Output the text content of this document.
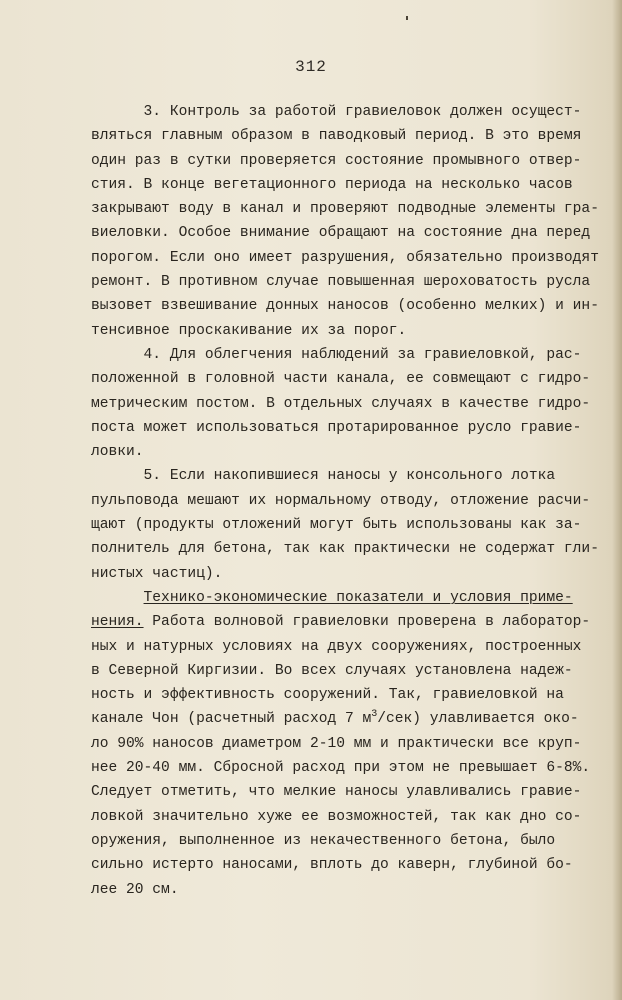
312
3. Контроль за работой гравиеловок должен осущест-
вляться главным образом в паводковый период. В это время
один раз в сутки проверяется состояние промывного отвер-
стия. В конце вегетационного периода на несколько часов
закрывают воду в канал и проверяют подводные элементы гра-
виеловки. Особое внимание обращают на состояние дна перед
порогом. Если оно имеет разрушения, обязательно производят
ремонт. В противном случае повышенная шероховатость русла
вызовет взвешивание донных наносов (особенно мелких) и ин-
тенсивное проскакивание их за порог.
4. Для облегчения наблюдений за гравиеловкой, рас-
положенной в головной части канала, ее совмещают с гидро-
метрическим постом. В отдельных случаях в качестве гидро-
поста может использоваться протарированное русло гравие-
ловки.
5. Если накопившиеся наносы у консольного лотка
пульповода мешают их нормальному отводу, отложение расчи-
щают (продукты отложений могут быть использованы как за-
полнитель для бетона, так как практически не содержат гли-
нистых частиц).
Технико-экономические показатели и условия приме-
нения. Работа волновой гравиеловки проверена в лаборатор-
ных и натурных условиях на двух сооружениях, построенных
в Северной Киргизии. Во всех случаях установлена надеж-
ность и эффективность сооружений. Так, гравиеловкой на
канале Чон (расчетный расход 7 $м^3/сек$) улавливается око-
ло 90% наносов диаметром 2-10 мм и практически все круп-
нее 20-40 мм. Сбросной расход при этом не превышает 6-8%.
Следует отметить, что мелкие наносы улавливались гравие-
ловкой значительно хуже ее возможностей, так как дно со-
оружения, выполненное из некачественного бетона, было
сильно истерто наносами, вплоть до каверн, глубиной бо-
лее 20 см.
